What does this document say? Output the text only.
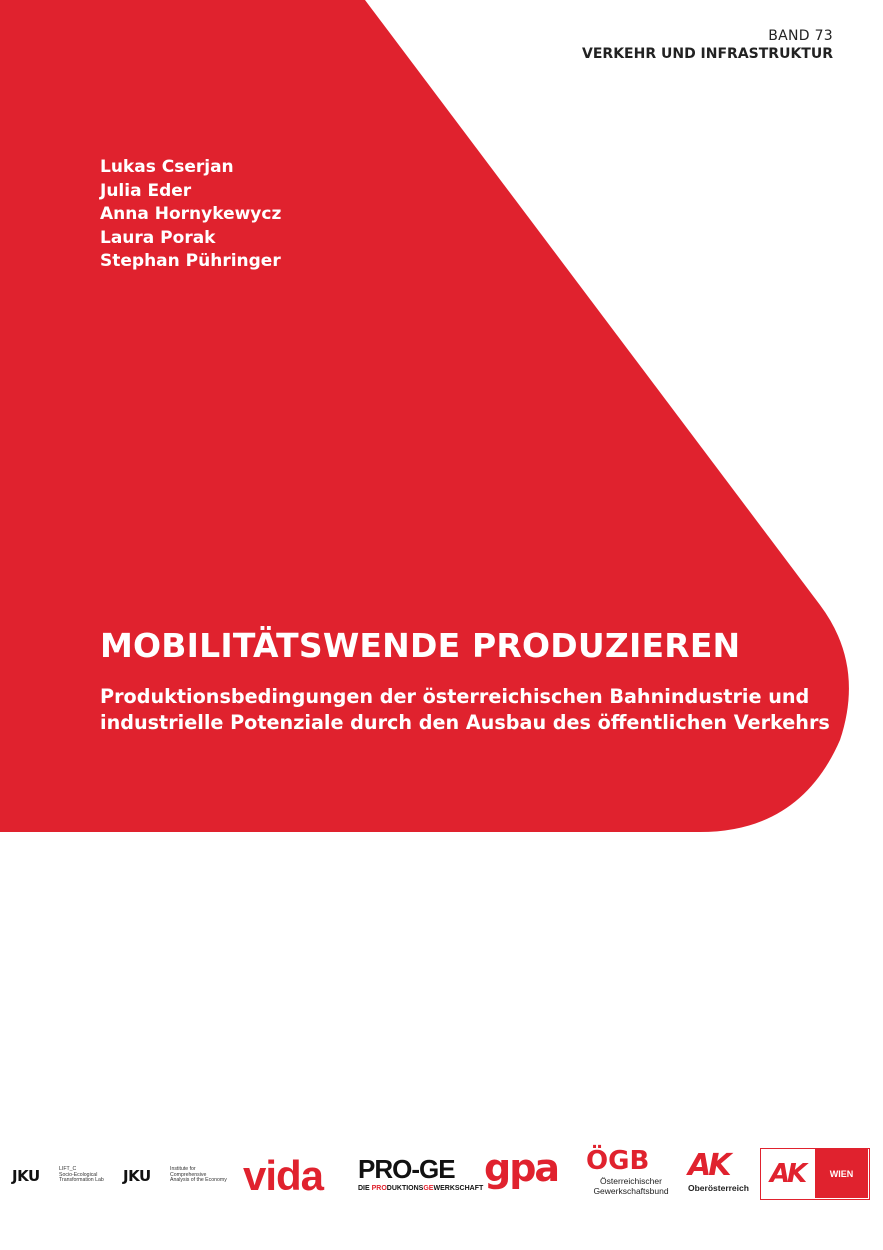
BAND 73
VERKEHR UND INFRASTRUKTUR
Lukas Cserjan
Julia Eder
Anna Hornykewycz
Laura Porak
Stephan Pühringer
MOBILITÄTSWENDE PRODUZIEREN
Produktionsbedingungen der österreichischen Bahnindustrie und
industrielle Potenziale durch den Ausbau des öffentlichen Verkehrs
JKU	LIFT_C
Socio-Ecological
Transformation Lab JKU	Institute for
Comprehensive
Analysis of the Economy vida PRO-GE
DIE PRODUKTIONSGEWERKSCHAFT gpa ÖGB
Österreichischer
Gewerkschaftsbund
AK
Oberösterreich AK	WIEN
